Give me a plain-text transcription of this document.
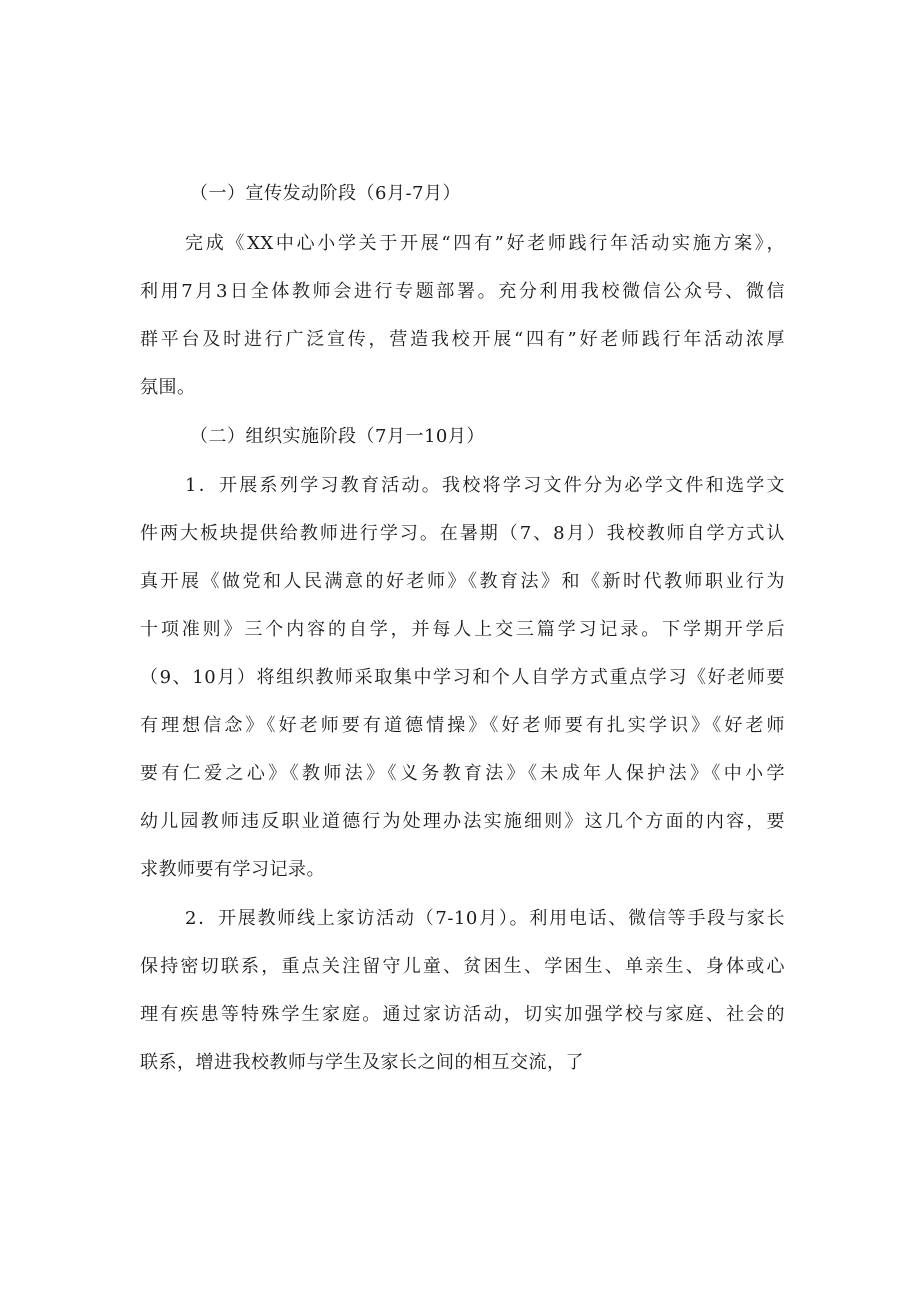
（一）宣传发动阶段（6月-7月）
完成《XX中心小学关于开展“四有”好老师践行年活动实施方案》，
利用7月3日全体教师会进行专题部署。充分利用我校微信公众号、微信
群平台及时进行广泛宣传，营造我校开展“四有”好老师践行年活动浓厚
氛围。
（二）组织实施阶段（7月一10月）
1．开展系列学习教育活动。我校将学习文件分为必学文件和选学文
件两大板块提供给教师进行学习。在暑期（7、8月）我校教师自学方式认
真开展《做党和人民满意的好老师》《教育法》和《新时代教师职业行为
十项准则》三个内容的自学，并每人上交三篇学习记录。下学期开学后
（9、10月）将组织教师采取集中学习和个人自学方式重点学习《好老师要
有理想信念》《好老师要有道德情操》《好老师要有扎实学识》《好老师
要有仁爱之心》《教师法》《义务教育法》《未成年人保护法》《中小学
幼儿园教师违反职业道德行为处理办法实施细则》这几个方面的内容，要
求教师要有学习记录。
2．开展教师线上家访活动（7-10月）。利用电话、微信等手段与家长
保持密切联系，重点关注留守儿童、贫困生、学困生、单亲生、身体或心
理有疾患等特殊学生家庭。通过家访活动，切实加强学校与家庭、社会的
联系，增进我校教师与学生及家长之间的相互交流，了
